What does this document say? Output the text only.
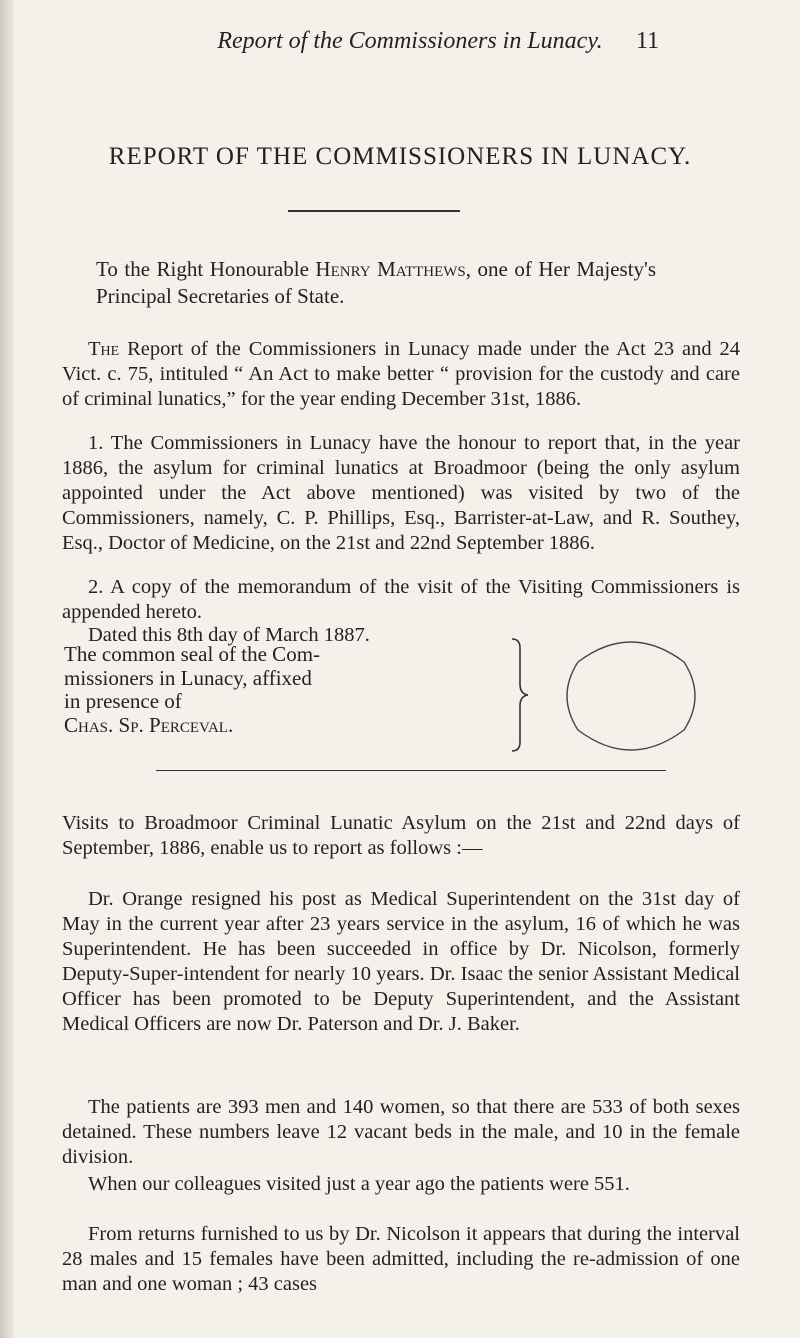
Report of the Commissioners in Lunacy.	11
REPORT OF THE COMMISSIONERS IN LUNACY.
To the Right Honourable Henry Matthews, one of Her Majesty's Principal Secretaries of State.
The Report of the Commissioners in Lunacy made under the Act 23 and 24 Vict. c. 75, intituled “ An Act to make better “ provision for the custody and care of criminal lunatics,” for the year ending December 31st, 1886.
1. The Commissioners in Lunacy have the honour to report that, in the year 1886, the asylum for criminal lunatics at Broadmoor (being the only asylum appointed under the Act above mentioned) was visited by two of the Commissioners, namely, C. P. Phillips, Esq., Barrister-at-Law, and R. Southey, Esq., Doctor of Medicine, on the 21st and 22nd September 1886.
2. A copy of the memorandum of the visit of the Visiting Commissioners is appended hereto.
Dated this 8th day of March 1887.
The common seal of the Com-
missioners in Lunacy, affixed
in presence of
Chas. Sp. Perceval.
Visits to Broadmoor Criminal Lunatic Asylum on the 21st and 22nd days of September, 1886, enable us to report as follows :—
Dr. Orange resigned his post as Medical Superintendent on the 31st day of May in the current year after 23 years service in the asylum, 16 of which he was Superintendent. He has been succeeded in office by Dr. Nicolson, formerly Deputy-Super-intendent for nearly 10 years. Dr. Isaac the senior Assistant Medical Officer has been promoted to be Deputy Superintendent, and the Assistant Medical Officers are now Dr. Paterson and Dr. J. Baker.
The patients are 393 men and 140 women, so that there are 533 of both sexes detained. These numbers leave 12 vacant beds in the male, and 10 in the female division.
When our colleagues visited just a year ago the patients were 551.
From returns furnished to us by Dr. Nicolson it appears that during the interval 28 males and 15 females have been admitted, including the re-admission of one man and one woman ; 43 cases
